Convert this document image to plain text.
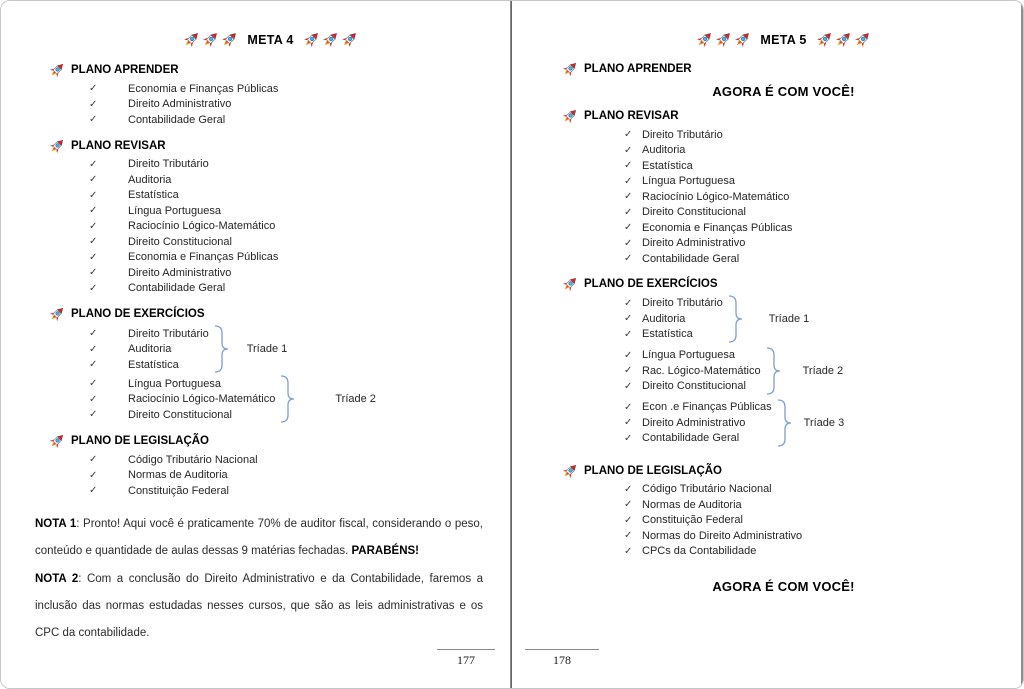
META 4
PLANO APRENDER
✓	Economia e Finanças Públicas
✓	Direito Administrativo
✓	Contabilidade Geral
PLANO REVISAR
✓	Direito Tributário
✓	Auditoria
✓	Estatística
✓	Língua Portuguesa
✓	Raciocínio Lógico-Matemático
✓	Direito Constitucional
✓	Economia e Finanças Públicas
✓	Direito Administrativo
✓	Contabilidade Geral
PLANO DE EXERCÍCIOS
✓	Direito Tributário
✓	Auditoria
✓	Estatística
Tríade 1
✓	Língua Portuguesa
✓	Raciocínio Lógico-Matemático
✓	Direito Constitucional
Tríade 2
PLANO DE LEGISLAÇÃO
✓	Código Tributário Nacional
✓	Normas de Auditoria
✓	Constituição Federal

NOTA 1: Pronto! Aqui você é praticamente 70% de auditor fiscal, considerando o peso, conteúdo e quantidade de aulas dessas 9 matérias fechadas. PARABÉNS!

NOTA 2: Com a conclusão do Direito Administrativo e da Contabilidade, faremos a inclusão das normas estudadas nesses cursos, que são as leis administrativas e os CPC da contabilidade.

177
META 5
PLANO APRENDER
AGORA É COM VOCÊ!
PLANO REVISAR
✓ Direito Tributário
✓ Auditoria
✓ Estatística
✓ Língua Portuguesa
✓ Raciocínio Lógico-Matemático
✓ Direito Constitucional
✓ Economia e Finanças Públicas
✓ Direito Administrativo
✓ Contabilidade Geral
PLANO DE EXERCÍCIOS
✓ Direito Tributário
✓ Auditoria
✓ Estatística
Tríade 1
✓ Língua Portuguesa
✓ Rac. Lógico-Matemático
✓ Direito Constitucional
Tríade 2
✓ Econ .e Finanças Públicas
✓ Direito Administrativo
✓ Contabilidade Geral
Tríade 3
PLANO DE LEGISLAÇÃO
✓ Código Tributário Nacional
✓ Normas de Auditoria
✓ Constituição Federal
✓ Normas do Direito Administrativo
✓ CPCs da Contabilidade
AGORA É COM VOCÊ!
178
